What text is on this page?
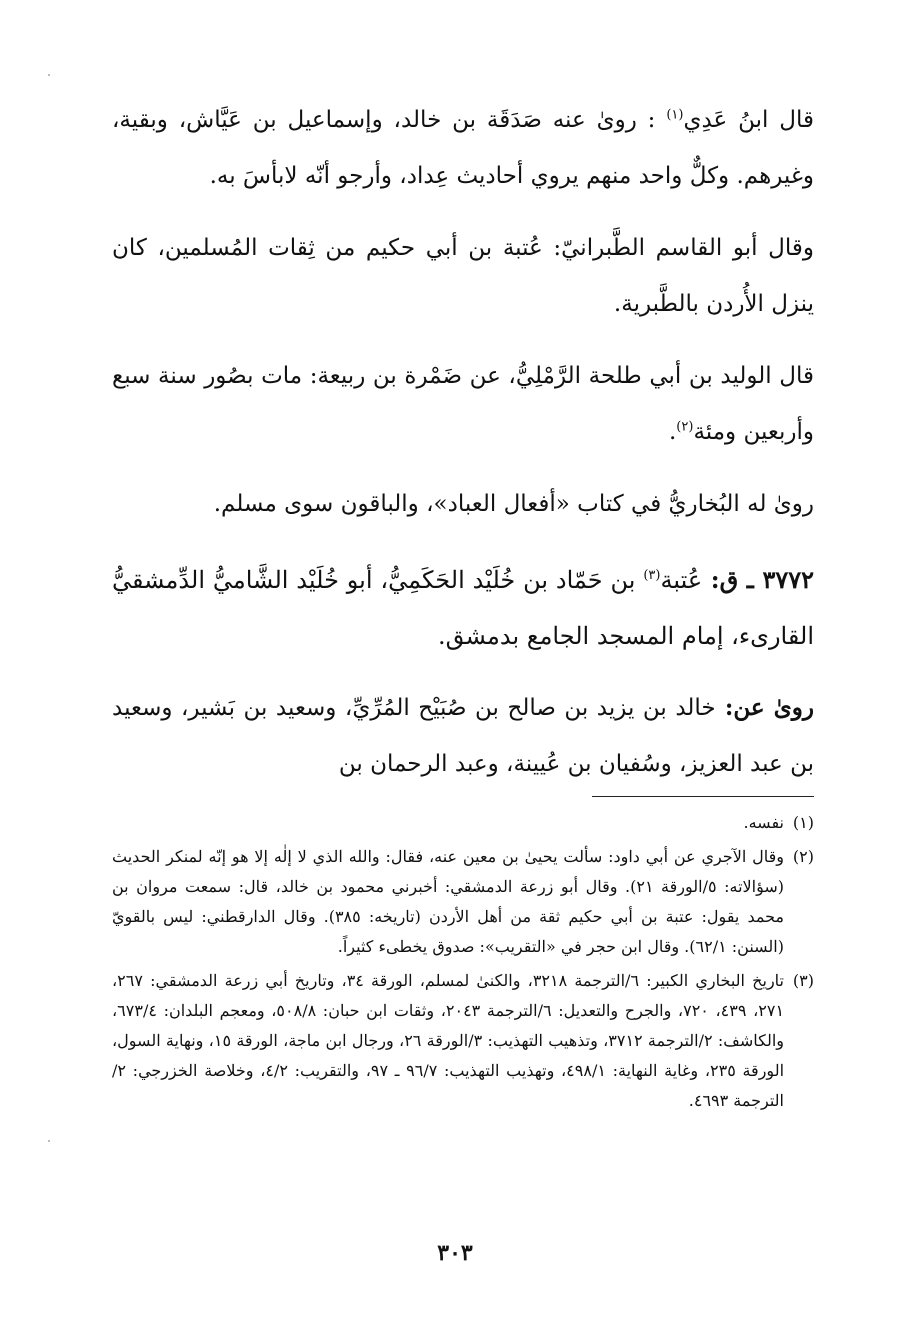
قال ابنُ عَدِي$^{(١)}$ : روىٰ عنه صَدَقَة بن خالد، وإسماعيل بن عَيَّاش، وبقية، وغيرهم. وكلٌّ واحد منهم يروي أحاديث عِداد، وأرجو أنّه لابأسَ به.

وقال أبو القاسم الطَّبرانيّ: عُتبة بن أبي حكيم من ثِقات المُسلمين، كان ينزل الأُردن بالطَّبرية.

قال الوليد بن أبي طلحة الرَّمْلِيُّ، عن ضَمْرة بن ربيعة: مات بصُور سنة سبع وأربعين ومئة$^{(٢)}$.

روىٰ له البُخاريُّ في كتاب «أفعال العباد»، والباقون سوى مسلم.

٣٧٧٢ ـ ق: عُتبة$^{(٣)}$ بن حَمّاد بن خُلَيْد الحَكَمِيُّ، أبو خُلَيْد الشَّاميُّ الدِّمشقيُّ القارىء، إمام المسجد الجامع بدمشق.

روىٰ عن: خالد بن يزيد بن صالح بن صُبَيْح المُرِّيِّ، وسعيد بن بَشير، وسعيد بن عبد العزيز، وسُفيان بن عُيينة، وعبد الرحمان بن

(١)
نفسه.

(٢)
وقال الآجري عن أبي داود: سألت يحيىٰ بن معين عنه، فقال: والله الذي لا إلٰه إلا هو إنّه لمنكر الحديث (سؤالاته: ٥/الورقة ٢١). وقال أبو زرعة الدمشقي: أخبرني محمود بن خالد، قال: سمعت مروان بن محمد يقول: عتبة بن أبي حكيم ثقة من أهل الأردن (تاريخه: ٣٨٥). وقال الدارقطني: ليس بالقويّ (السنن: ٦٢/١). وقال ابن حجر في «التقريب»: صدوق يخطىء كثيراً.

(٣)
تاريخ البخاري الكبير: ٦/الترجمة ٣٢١٨، والكنىٰ لمسلم، الورقة ٣٤، وتاريخ أبي زرعة الدمشقي: ٢٦٧، ٢٧١، ٤٣٩، ٧٢٠، والجرح والتعديل: ٦/الترجمة ٢٠٤٣، وثقات ابن حبان: ٥٠٨/٨، ومعجم البلدان: ٦٧٣/٤، والكاشف: ٢/الترجمة ٣٧١٢، وتذهيب التهذيب: ٣/الورقة ٢٦، ورجال ابن ماجة، الورقة ١٥، ونهاية السول، الورقة ٢٣٥، وغاية النهاية: ٤٩٨/١، وتهذيب التهذيب: ٩٦/٧ ـ ٩٧، والتقريب: ٤/٢، وخلاصة الخزرجي: ٢/الترجمة ٤٦٩٣.

٣٠٣
